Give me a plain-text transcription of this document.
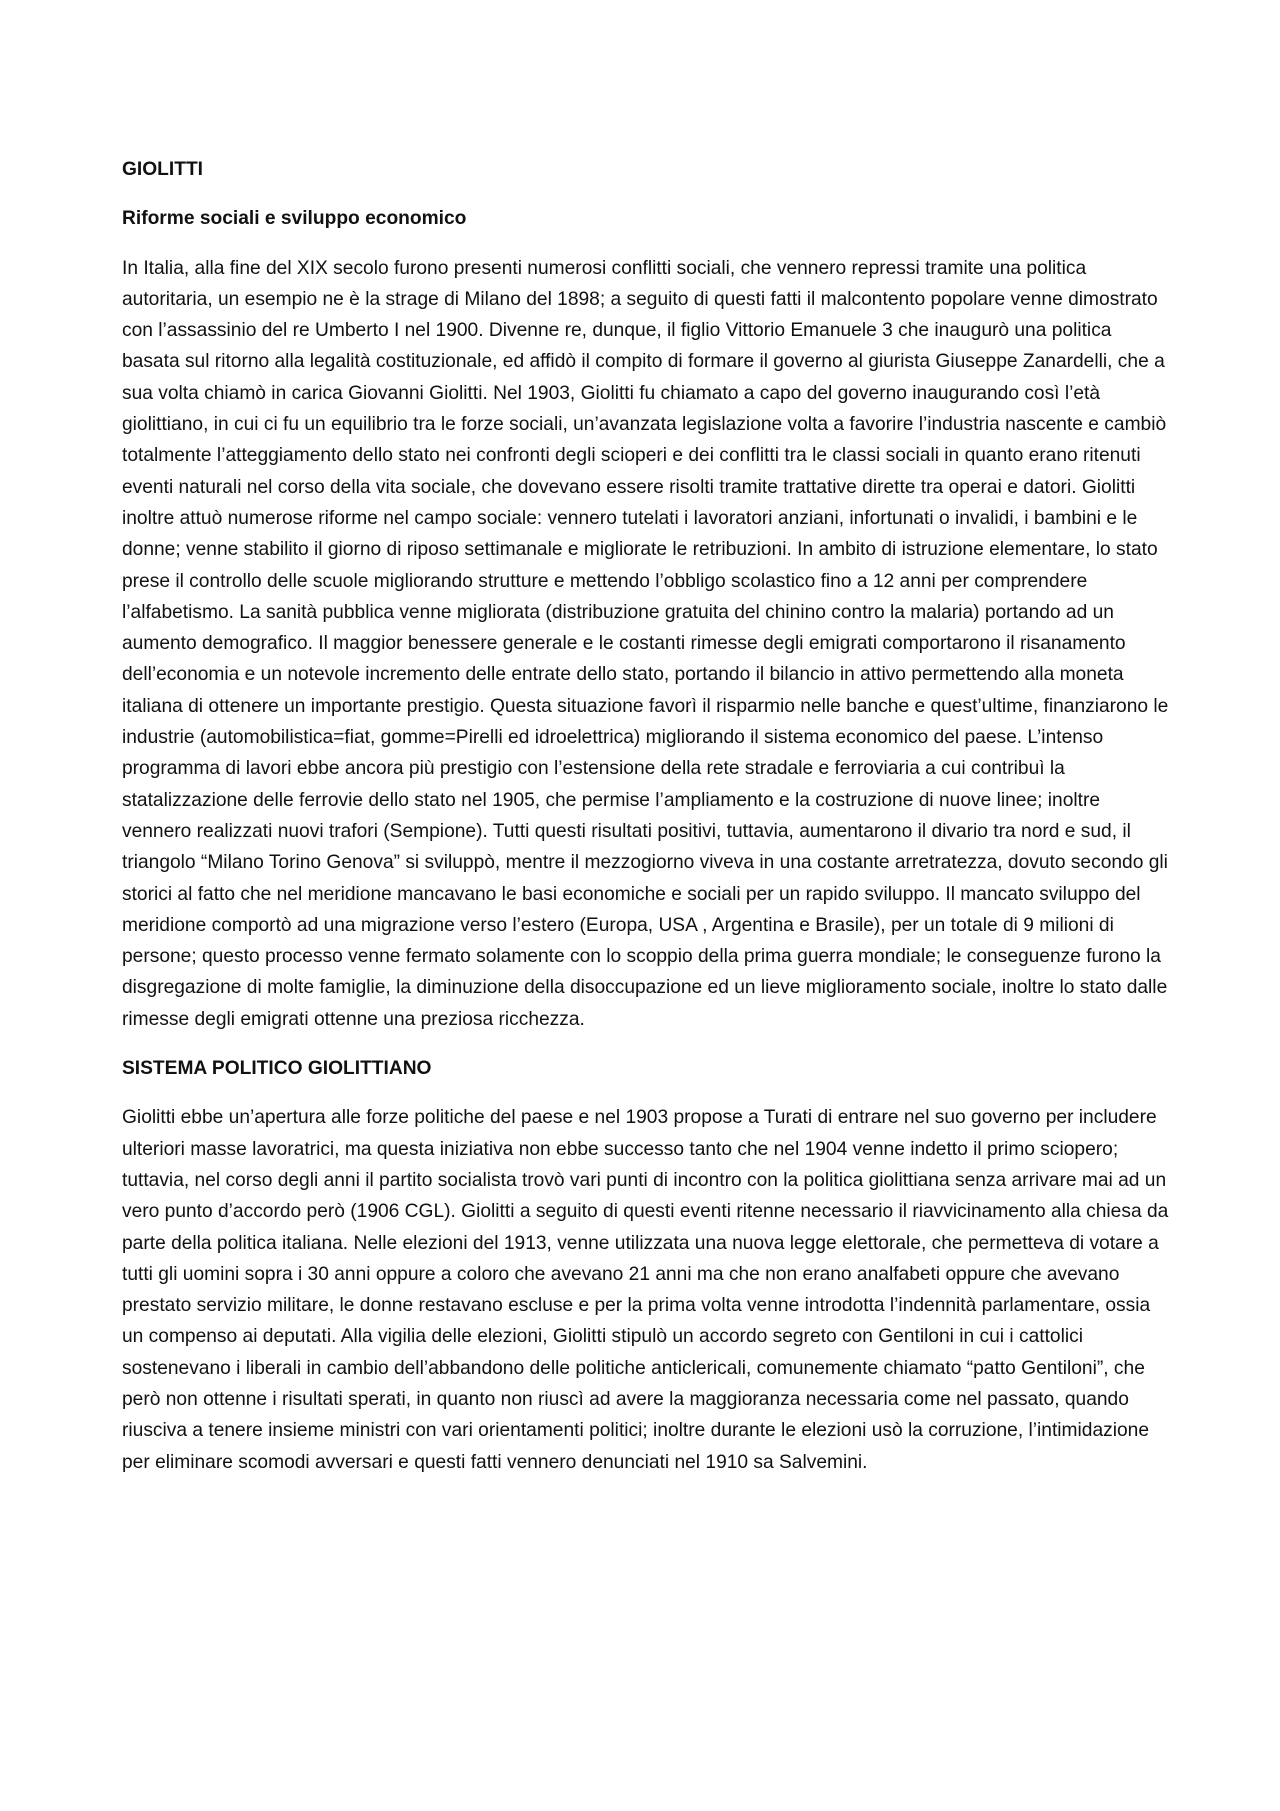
GIOLITTI
Riforme sociali e sviluppo economico
In Italia, alla fine del XIX secolo furono presenti numerosi conflitti sociali, che vennero repressi tramite una politica autoritaria, un esempio ne è la strage di Milano del 1898; a seguito di questi fatti il malcontento popolare venne dimostrato con l’assassinio del re Umberto I nel 1900. Divenne re, dunque, il figlio Vittorio Emanuele 3 che inaugurò una politica basata sul ritorno alla legalità costituzionale, ed affidò il compito di formare il governo al giurista Giuseppe Zanardelli, che a sua volta chiamò in carica Giovanni Giolitti. Nel 1903, Giolitti fu chiamato a capo del governo inaugurando così l’età giolittiano, in cui ci fu un equilibrio tra le forze sociali, un’avanzata legislazione volta a favorire l’industria nascente e cambiò totalmente l’atteggiamento dello stato nei confronti degli scioperi e dei conflitti tra le classi sociali in quanto erano ritenuti eventi naturali nel corso della vita sociale, che dovevano essere risolti tramite trattative dirette tra operai e datori. Giolitti inoltre attuò numerose riforme nel campo sociale: vennero tutelati i lavoratori anziani, infortunati o invalidi, i bambini e le donne; venne stabilito il giorno di riposo settimanale e migliorate le retribuzioni. In ambito di istruzione elementare, lo stato prese il controllo delle scuole migliorando strutture e mettendo l’obbligo scolastico fino a 12 anni per comprendere l’alfabetismo. La sanità pubblica venne migliorata (distribuzione gratuita del chinino contro la malaria) portando ad un aumento demografico. Il maggior benessere generale e le costanti rimesse degli emigrati comportarono il risanamento dell’economia e un notevole incremento delle entrate dello stato, portando il bilancio in attivo permettendo alla moneta italiana di ottenere un importante prestigio. Questa situazione favorì il risparmio nelle banche e quest’ultime, finanziarono le industrie (automobilistica=fiat, gomme=Pirelli ed idroelettrica) migliorando il sistema economico del paese. L’intenso programma di lavori ebbe ancora più prestigio con l’estensione della rete stradale e ferroviaria a cui contribuì la statalizzazione delle ferrovie dello stato nel 1905, che permise l’ampliamento e la costruzione di nuove linee; inoltre vennero realizzati nuovi trafori (Sempione). Tutti questi risultati positivi, tuttavia, aumentarono il divario tra nord e sud, il triangolo “Milano Torino Genova” si sviluppò, mentre il mezzogiorno viveva in una costante arretratezza, dovuto secondo gli storici al fatto che nel meridione mancavano le basi economiche e sociali per un rapido sviluppo. Il mancato sviluppo del meridione comportò ad una migrazione verso l’estero (Europa, USA , Argentina e Brasile), per un totale di 9 milioni di persone; questo processo venne fermato solamente con lo scoppio della prima guerra mondiale; le conseguenze furono la disgregazione di molte famiglie, la diminuzione della disoccupazione ed un lieve miglioramento sociale, inoltre lo stato dalle rimesse degli emigrati ottenne una preziosa ricchezza.
SISTEMA POLITICO GIOLITTIANO
Giolitti ebbe un’apertura alle forze politiche del paese e nel 1903 propose a Turati di entrare nel suo governo per includere ulteriori masse lavoratrici, ma questa iniziativa non ebbe successo tanto che nel 1904 venne indetto il primo sciopero; tuttavia, nel corso degli anni il partito socialista trovò vari punti di incontro con la politica giolittiana senza arrivare mai ad un vero punto d’accordo però (1906 CGL). Giolitti a seguito di questi eventi ritenne necessario il riavvicinamento alla chiesa da parte della politica italiana. Nelle elezioni del 1913, venne utilizzata una nuova legge elettorale, che permetteva di votare a tutti gli uomini sopra i 30 anni oppure a coloro che avevano 21 anni ma che non erano analfabeti oppure che avevano prestato servizio militare, le donne restavano escluse e per la prima volta venne introdotta l’indennità parlamentare, ossia un compenso ai deputati. Alla vigilia delle elezioni, Giolitti stipulò un accordo segreto con Gentiloni in cui i cattolici sostenevano i liberali in cambio dell’abbandono delle politiche anticlericali, comunemente chiamato “patto Gentiloni”, che però non ottenne i risultati sperati, in quanto non riuscì ad avere la maggioranza necessaria come nel passato, quando riusciva a tenere insieme ministri con vari orientamenti politici; inoltre durante le elezioni usò la corruzione, l’intimidazione per eliminare scomodi avversari e questi fatti vennero denunciati nel 1910 sa Salvemini.
